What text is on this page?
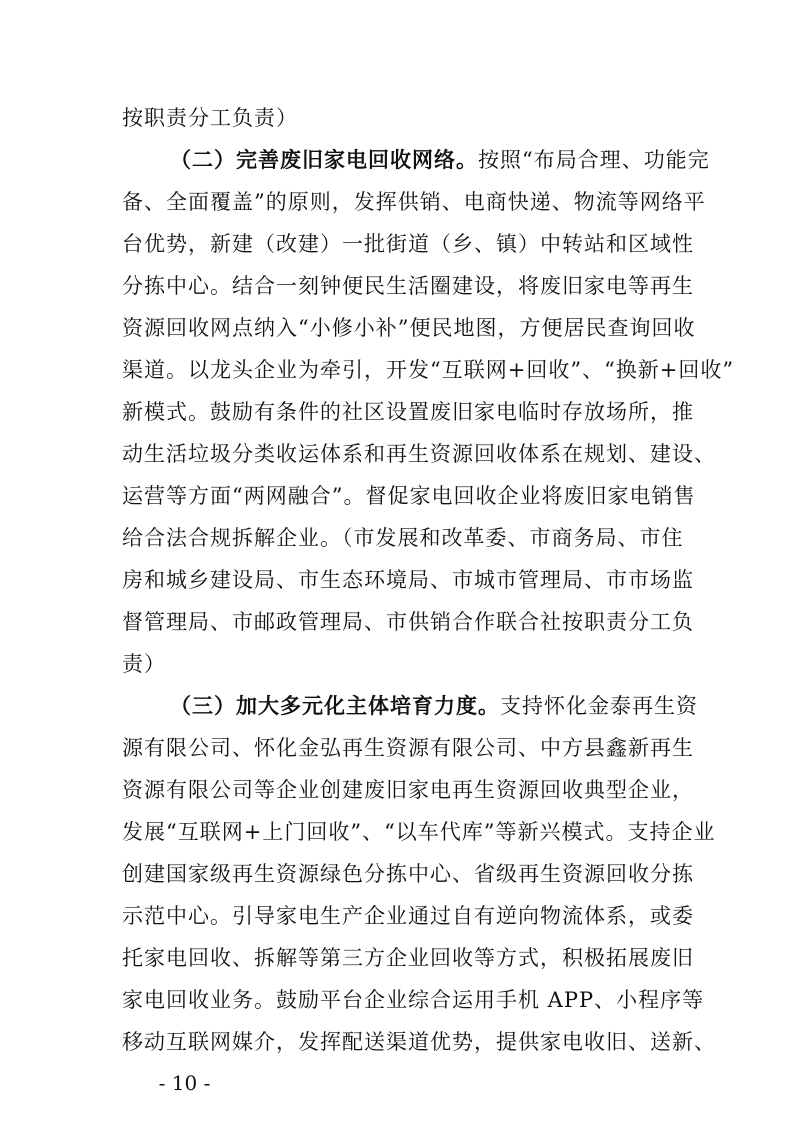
按职责分工负责）
（二）完善废旧家电回收网络。按照“布局合理、功能完
备、全面覆盖”的原则，发挥供销、电商快递、物流等网络平
台优势，新建（改建）一批街道（乡、镇）中转站和区域性
分拣中心。结合一刻钟便民生活圈建设，将废旧家电等再生
资源回收网点纳入“小修小补”便民地图，方便居民查询回收
渠道。以龙头企业为牵引，开发“互联网+回收”、“换新+回收”
新模式。鼓励有条件的社区设置废旧家电临时存放场所，推
动生活垃圾分类收运体系和再生资源回收体系在规划、建设、
运营等方面“两网融合”。督促家电回收企业将废旧家电销售
给合法合规拆解企业。（市发展和改革委、市商务局、市住
房和城乡建设局、市生态环境局、市城市管理局、市市场监
督管理局、市邮政管理局、市供销合作联合社按职责分工负
责）
（三）加大多元化主体培育力度。支持怀化金泰再生资
源有限公司、怀化金弘再生资源有限公司、中方县鑫新再生
资源有限公司等企业创建废旧家电再生资源回收典型企业，
发展“互联网+上门回收”、“以车代库”等新兴模式。支持企业
创建国家级再生资源绿色分拣中心、省级再生资源回收分拣
示范中心。引导家电生产企业通过自有逆向物流体系，或委
托家电回收、拆解等第三方企业回收等方式，积极拓展废旧
家电回收业务。鼓励平台企业综合运用手机 APP、小程序等
移动互联网媒介，发挥配送渠道优势，提供家电收旧、送新、
- 10 -
